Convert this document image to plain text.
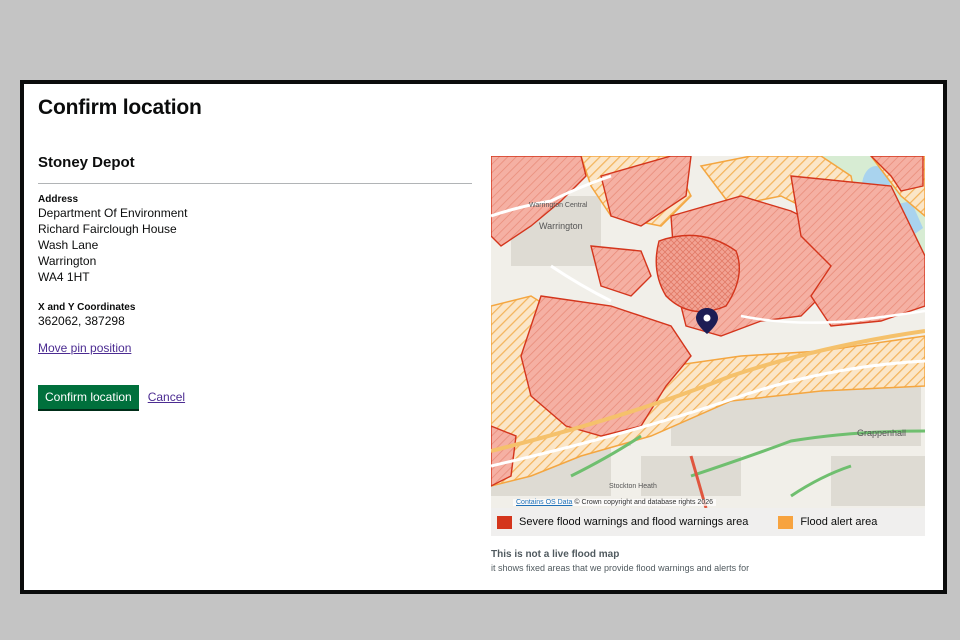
Confirm location
Stoney Depot
Address
Department Of Environment
Richard Fairclough House
Wash Lane
Warrington
WA4 1HT
X and Y Coordinates
362062, 387298
Move pin position
Confirm location	Cancel
Warrington Central
Warrington
Grappenhall
Stockton Heath
Contains OS Data © Crown copyright and database rights 2026
Severe flood warnings and flood warnings area	Flood alert area
This is not a live flood map
it shows fixed areas that we provide flood warnings and alerts for
